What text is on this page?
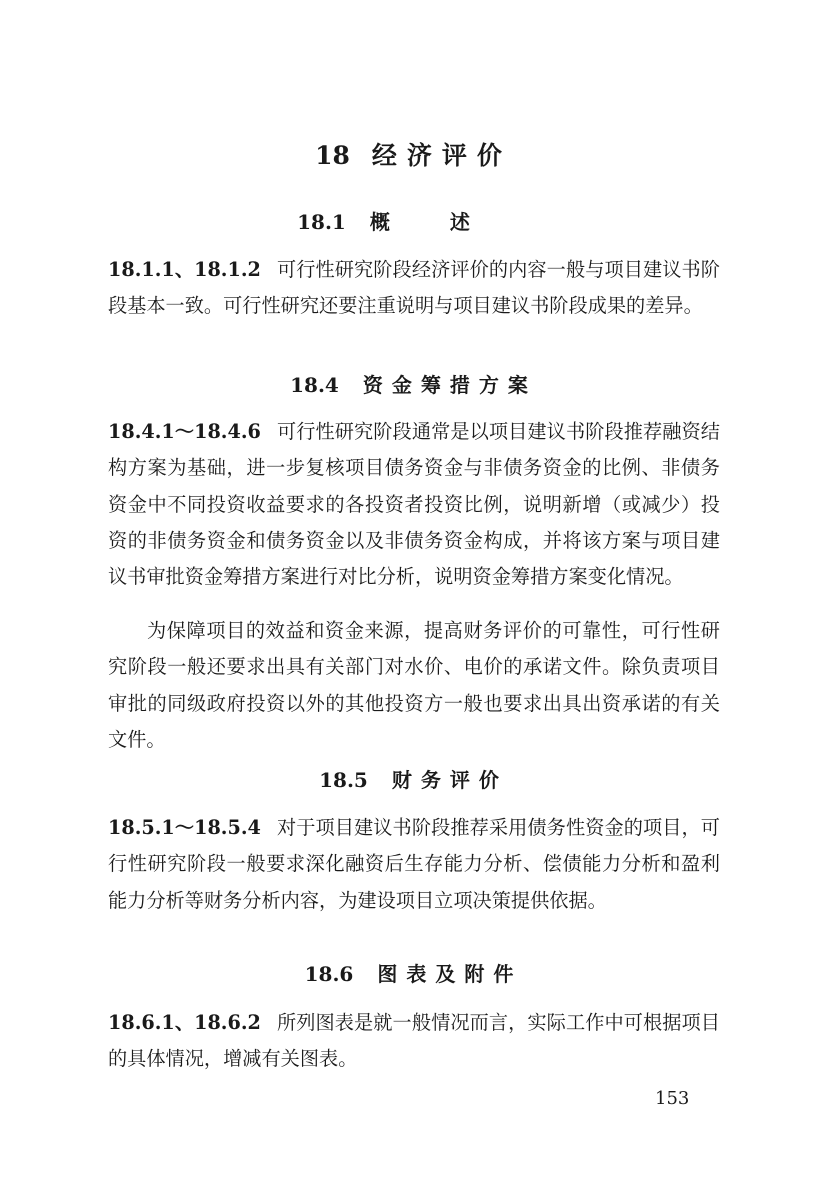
18 经济评价
18.1 概述

18.1.1、18.1.2 可行性研究阶段经济评价的内容一般与项目建议书阶段基本一致。可行性研究还要注重说明与项目建议书阶段成果的差异。

18.4 资金筹措方案

18.4.1～18.4.6 可行性研究阶段通常是以项目建议书阶段推荐融资结构方案为基础，进一步复核项目债务资金与非债务资金的比例、非债务资金中不同投资收益要求的各投资者投资比例，说明新增（或减少）投资的非债务资金和债务资金以及非债务资金构成，并将该方案与项目建议书审批资金筹措方案进行对比分析，说明资金筹措方案变化情况。

为保障项目的效益和资金来源，提高财务评价的可靠性，可行性研究阶段一般还要求出具有关部门对水价、电价的承诺文件。除负责项目审批的同级政府投资以外的其他投资方一般也要求出具出资承诺的有关文件。

18.5 财务评价

18.5.1～18.5.4 对于项目建议书阶段推荐采用债务性资金的项目，可行性研究阶段一般要求深化融资后生存能力分析、偿债能力分析和盈利能力分析等财务分析内容，为建设项目立项决策提供依据。

18.6 图表及附件

18.6.1、18.6.2 所列图表是就一般情况而言，实际工作中可根据项目的具体情况，增减有关图表。

153
